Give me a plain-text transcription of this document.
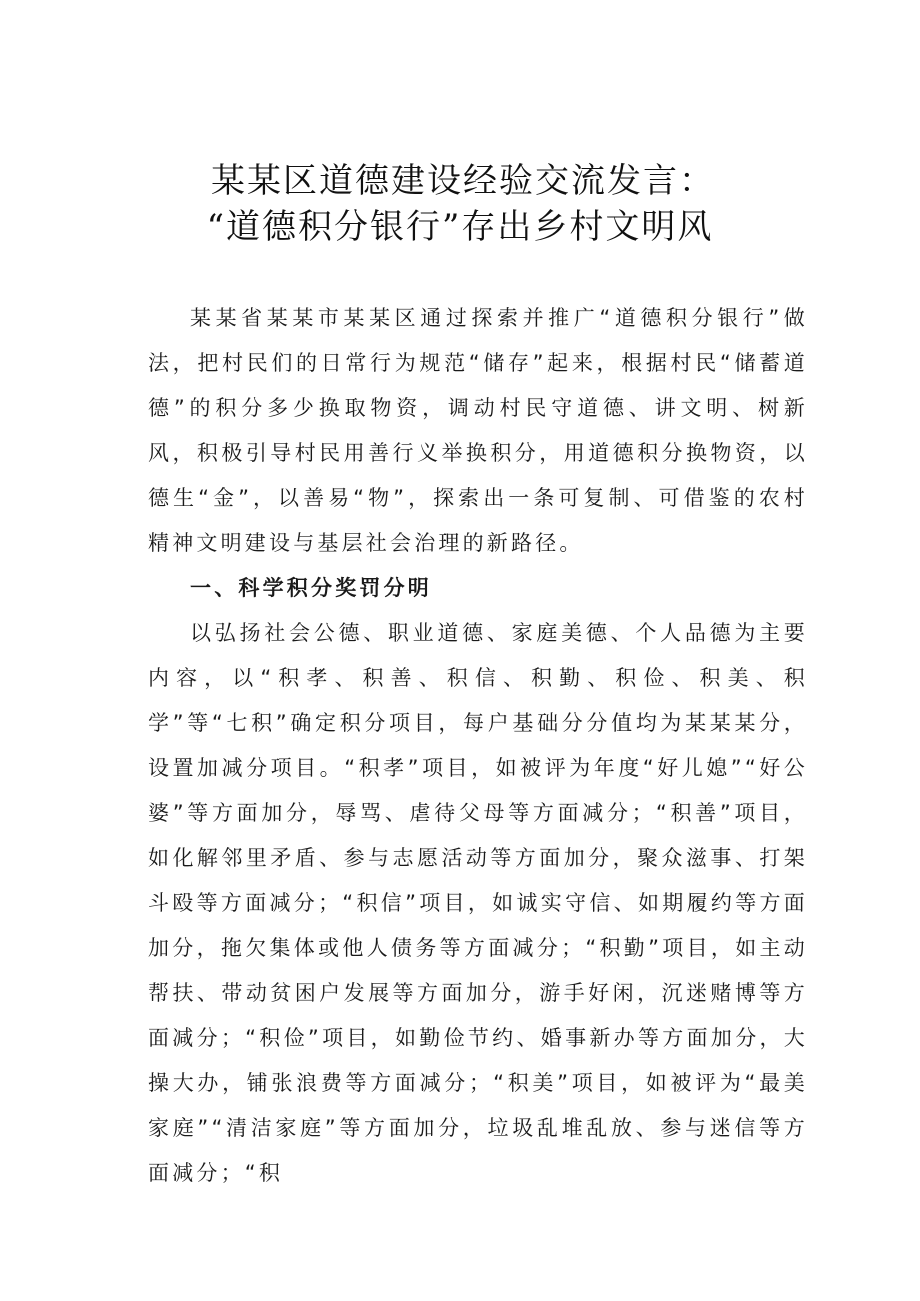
某某区道德建设经验交流发言：
“道德积分银行”存出乡村文明风

某某省某某市某某区通过探索并推广“道德积分银行”做法，把村民们的日常行为规范“储存”起来，根据村民“储蓄道德”的积分多少换取物资，调动村民守道德、讲文明、树新风，积极引导村民用善行义举换积分，用道德积分换物资，以德生“金”，以善易“物”，探索出一条可复制、可借鉴的农村精神文明建设与基层社会治理的新路径。

一、科学积分奖罚分明

以弘扬社会公德、职业道德、家庭美德、个人品德为主要内容，以“积孝、积善、积信、积勤、积俭、积美、积学”等“七积”确定积分项目，每户基础分分值均为某某某分，设置加减分项目。“积孝”项目，如被评为年度“好儿媳”“好公婆”等方面加分，辱骂、虐待父母等方面减分；“积善”项目，如化解邻里矛盾、参与志愿活动等方面加分，聚众滋事、打架斗殴等方面减分；“积信”项目，如诚实守信、如期履约等方面加分，拖欠集体或他人债务等方面减分；“积勤”项目，如主动帮扶、带动贫困户发展等方面加分，游手好闲，沉迷赌博等方面减分；“积俭”项目，如勤俭节约、婚事新办等方面加分，大操大办，铺张浪费等方面减分；“积美”项目，如被评为“最美家庭”“清洁家庭”等方面加分，垃圾乱堆乱放、参与迷信等方面减分；“积
